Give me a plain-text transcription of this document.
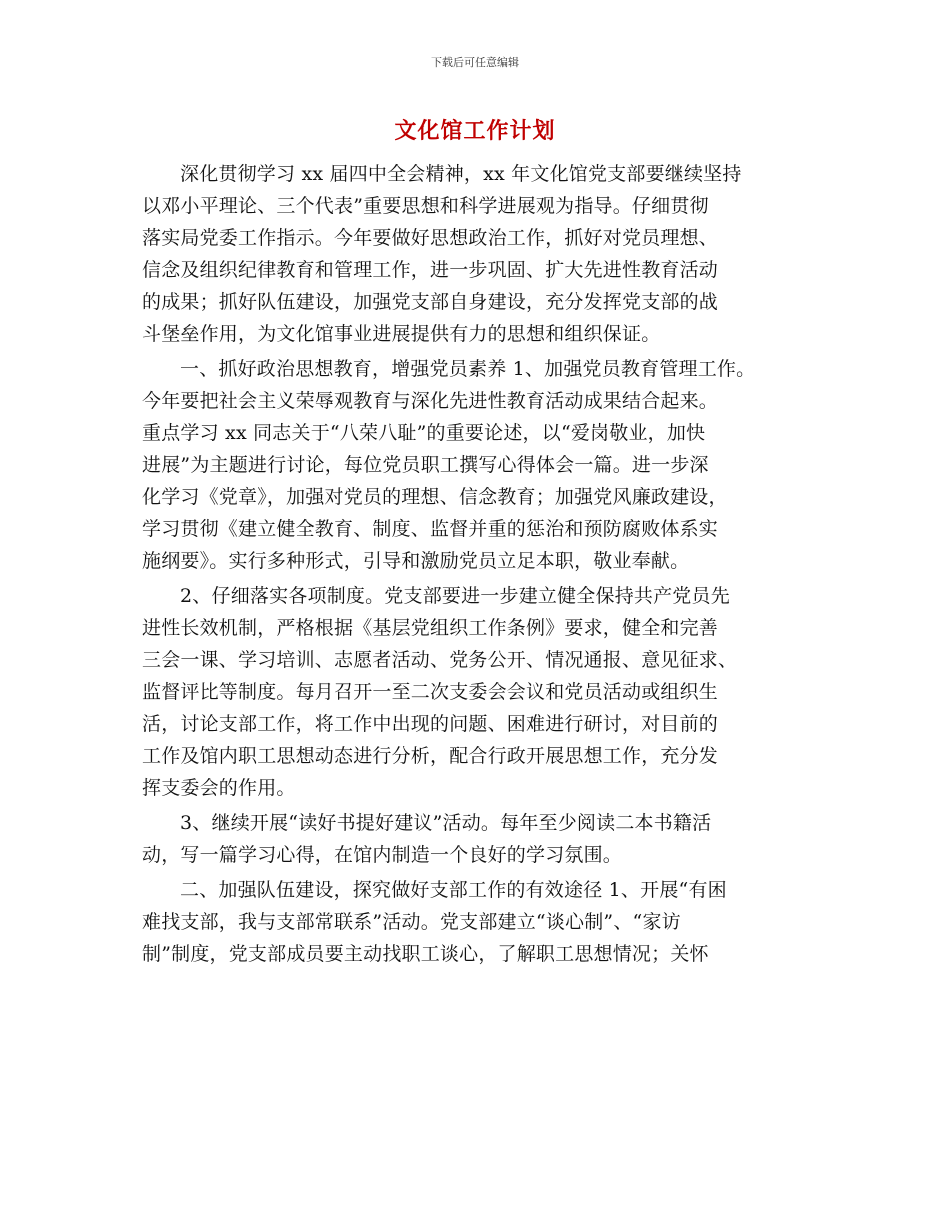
下载后可任意编辑
文化馆工作计划
深化贯彻学习 xx 届四中全会精神，xx 年文化馆党支部要继续坚持
以邓小平理论、三个代表”重要思想和科学进展观为指导。仔细贯彻
落实局党委工作指示。今年要做好思想政治工作，抓好对党员理想、
信念及组织纪律教育和管理工作，进一步巩固、扩大先进性教育活动
的成果；抓好队伍建设，加强党支部自身建设，充分发挥党支部的战
斗堡垒作用，为文化馆事业进展提供有力的思想和组织保证。
一、抓好政治思想教育，增强党员素养 1、加强党员教育管理工作。
今年要把社会主义荣辱观教育与深化先进性教育活动成果结合起来。
重点学习 xx 同志关于“八荣八耻”的重要论述，以“爱岗敬业，加快
进展”为主题进行讨论，每位党员职工撰写心得体会一篇。进一步深
化学习《党章》，加强对党员的理想、信念教育；加强党风廉政建设，
学习贯彻《建立健全教育、制度、监督并重的惩治和预防腐败体系实
施纲要》。实行多种形式，引导和激励党员立足本职，敬业奉献。
2、仔细落实各项制度。党支部要进一步建立健全保持共产党员先
进性长效机制，严格根据《基层党组织工作条例》要求，健全和完善
三会一课、学习培训、志愿者活动、党务公开、情况通报、意见征求、
监督评比等制度。每月召开一至二次支委会会议和党员活动或组织生
活，讨论支部工作，将工作中出现的问题、困难进行研讨，对目前的
工作及馆内职工思想动态进行分析，配合行政开展思想工作，充分发
挥支委会的作用。
3、继续开展“读好书提好建议”活动。每年至少阅读二本书籍活
动，写一篇学习心得，在馆内制造一个良好的学习氛围。
二、加强队伍建设，探究做好支部工作的有效途径 1、开展“有困
难找支部，我与支部常联系”活动。党支部建立“谈心制”、“家访
制”制度，党支部成员要主动找职工谈心，了解职工思想情况；关怀
